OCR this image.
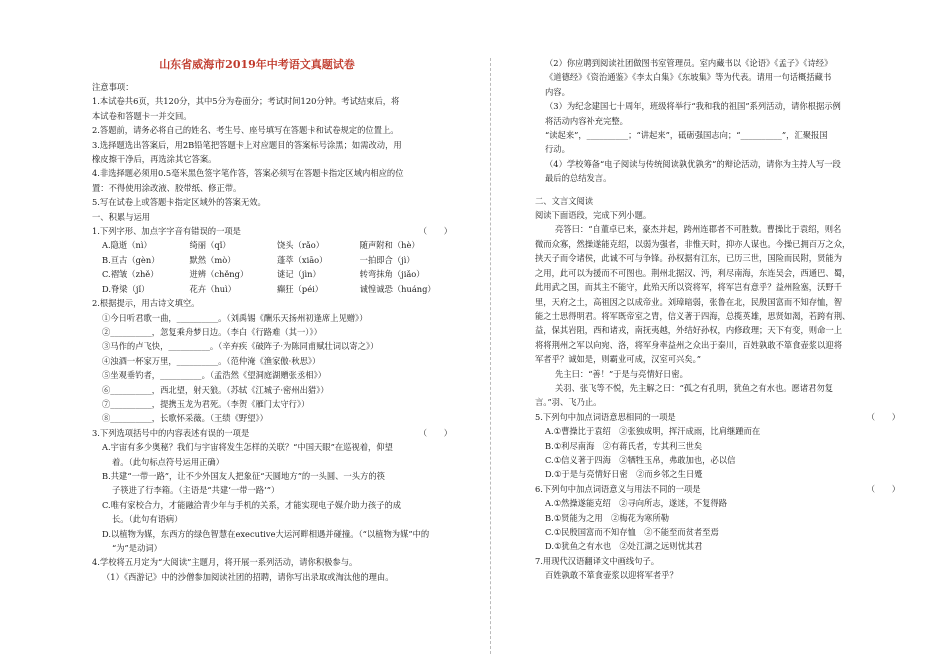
山东省威海市2019年中考语文真题试卷
注意事项：
1.本试卷共6页，共120分，其中5分为卷面分；考试时间120分钟。考试结束后，将
本试卷和答题卡一并交回。
2.答题前，请务必将自己的姓名、考生号、座号填写在答题卡和试卷规定的位置上。
3.选择题选出答案后，用2B铅笔把答题卡上对应题目的答案标号涂黑；如需改动，用
橡皮擦干净后，再选涂其它答案。
4.非选择题必须用0.5毫米黑色签字笔作答，答案必须写在答题卡指定区域内相应的位
置：不得使用涂改液、胶带纸、修正带。
5.写在试卷上或答题卡指定区域外的答案无效。
一、积累与运用
1.下列字形、加点字字音有错误的一项是	（　　）
A.隐逝（nì）	绮丽（qǐ）	饶头（rǎo）	随声附和（hè）
B.亘古（gèn）	默然（mò）	蓬萃（xiāo）	一拍即合（jì）
C.褶皱（zhě）	迸辨（chěng）	谜记（jìn）	转弯抹角（jiǎo）
D.脊梁（jǐ）	花卉（huì）	癫狂（péi）	诚惶诚恐（huáng）
2.根据提示，用古诗文填空。
①今日听君歌一曲，__________。（刘禹锡《酬乐天扬州初逢席上见赠》）
②__________，忽复乘舟梦日边。（李白《行路难（其一）》）
③马作的卢飞快，__________。（辛弃疾《破阵子·为陈同甫赋壮词以寄之》）
④浊酒一杯家万里，__________。（范仲淹《渔家傲·秋思》）
⑤坐观垂钓者，__________。（孟浩然《望洞庭湖赠张丞相》）
⑥__________，西北望，射天狼。（苏轼《江城子·密州出猎》）
⑦__________，提携玉龙为君死。（李贺《雁门太守行》）
⑧__________，长歌怀采薇。（王绩《野望》）
3.下列选项括号中的内容表述有误的一项是	（　　）
A.宇宙有多少奥秘？我们与宇宙将发生怎样的关联？“中国天眼”在巡视着，仰望
着。（此句标点符号运用正确）
B.共建“一带一路”，让不少外国友人把象征“天圆地方”的一头圆、一头方的筷
子筷进了行李箱。（主语是“共建‘一带一路’”）
C.唯有家校合力，才能融洽青少年与手机的关系，才能实现电子媒介助力孩子的成
长。（此句有语病）
D.以植物为媒，东西方的绿色智慧在executive大运河畔相遇并碰撞。（“以植物为媒”中的
“为”是动词）
4.学校将五月定为“大阅读”主题月，将开展一系列活动，请你积极参与。
（1）《西游记》中的沙僧参加阅读社团的招聘，请你写出录取或淘汰他的理由。
（2）你应聘到阅读社团做图书室管理员。室内藏书以《论语》《孟子》《诗经》
《道德经》《资治通鉴》《李太白集》《东坡集》等为代表。请用一句话概括藏书
内容。
（3）为纪念建国七十周年，班级将举行“我和我的祖国”系列活动，请你根据示例
将活动内容补充完整。
“读起来”，__________；“讲起来”，砥砺强国志向；“__________”，汇聚报国
行动。
（4）学校筹备“电子阅读与传统阅读孰优孰劣”的辩论活动，请你为主持人写一段
最后的总结发言。
二、文言文阅读
阅读下面语段，完成下列小题。
亮答曰：“自董卓已来，豪杰并起，跨州连郡者不可胜数。曹操比于袁绍，则名
微而众寡，然操遂能克绍，以弱为强者，非惟天时，抑亦人谋也。今操已拥百万之众，
挟天子而令诸侯，此诚不可与争锋。孙权据有江东，已历三世，国险而民附，贤能为
之用，此可以为援而不可图也。荆州北据汉、沔，利尽南海，东连吴会，西通巴、蜀，
此用武之国，而其主不能守，此殆天所以资将军，将军岂有意乎？益州险塞，沃野千
里，天府之土，高祖因之以成帝业。刘璋暗弱，张鲁在北，民殷国富而不知存恤，智
能之士思得明君。将军既帝室之胄，信义著于四海，总揽英雄，思贤如渴，若跨有荆、
益，保其岩阻，西和诸戎，南抚夷越，外结好孙权，内修政理；天下有变，则命一上
将将荆州之军以向宛、洛，将军身率益州之众出于秦川，百姓孰敢不箪食壶浆以迎将
军者乎？诚如是，则霸业可成，汉室可兴矣。”
先主曰：“善！”于是与亮情好日密。
关羽、张飞等不悦，先主解之曰：“孤之有孔明，犹鱼之有水也。愿诸君勿复
言。”羽、飞乃止。
5.下列句中加点词语意思相同的一项是	（　　）
A.①曹操比于袁绍　②张独成明，挥汗成雨，比肩继踵而在
B.①利尽南海　②有蒋氏者，专其利三世矣
C.①信义著于四海　②牺牲玉帛，弗敢加也，必以信
D.①于是与亮情好日密　②而乡邻之生日蹙
6.下列句中加点词语意义与用法不同的一项是	（　　）
A.①然操遂能克绍　②寻向所志，遂迷，不复得路
B.①贤能为之用　②梅花为寒所勒
C.①民殷国富而不知存恤　②不能至而贫者至焉
D.①犹鱼之有水也　②处江湖之远则忧其君
7.用现代汉语翻译文中画线句子。
百姓孰敢不箪食壶浆以迎将军者乎？
